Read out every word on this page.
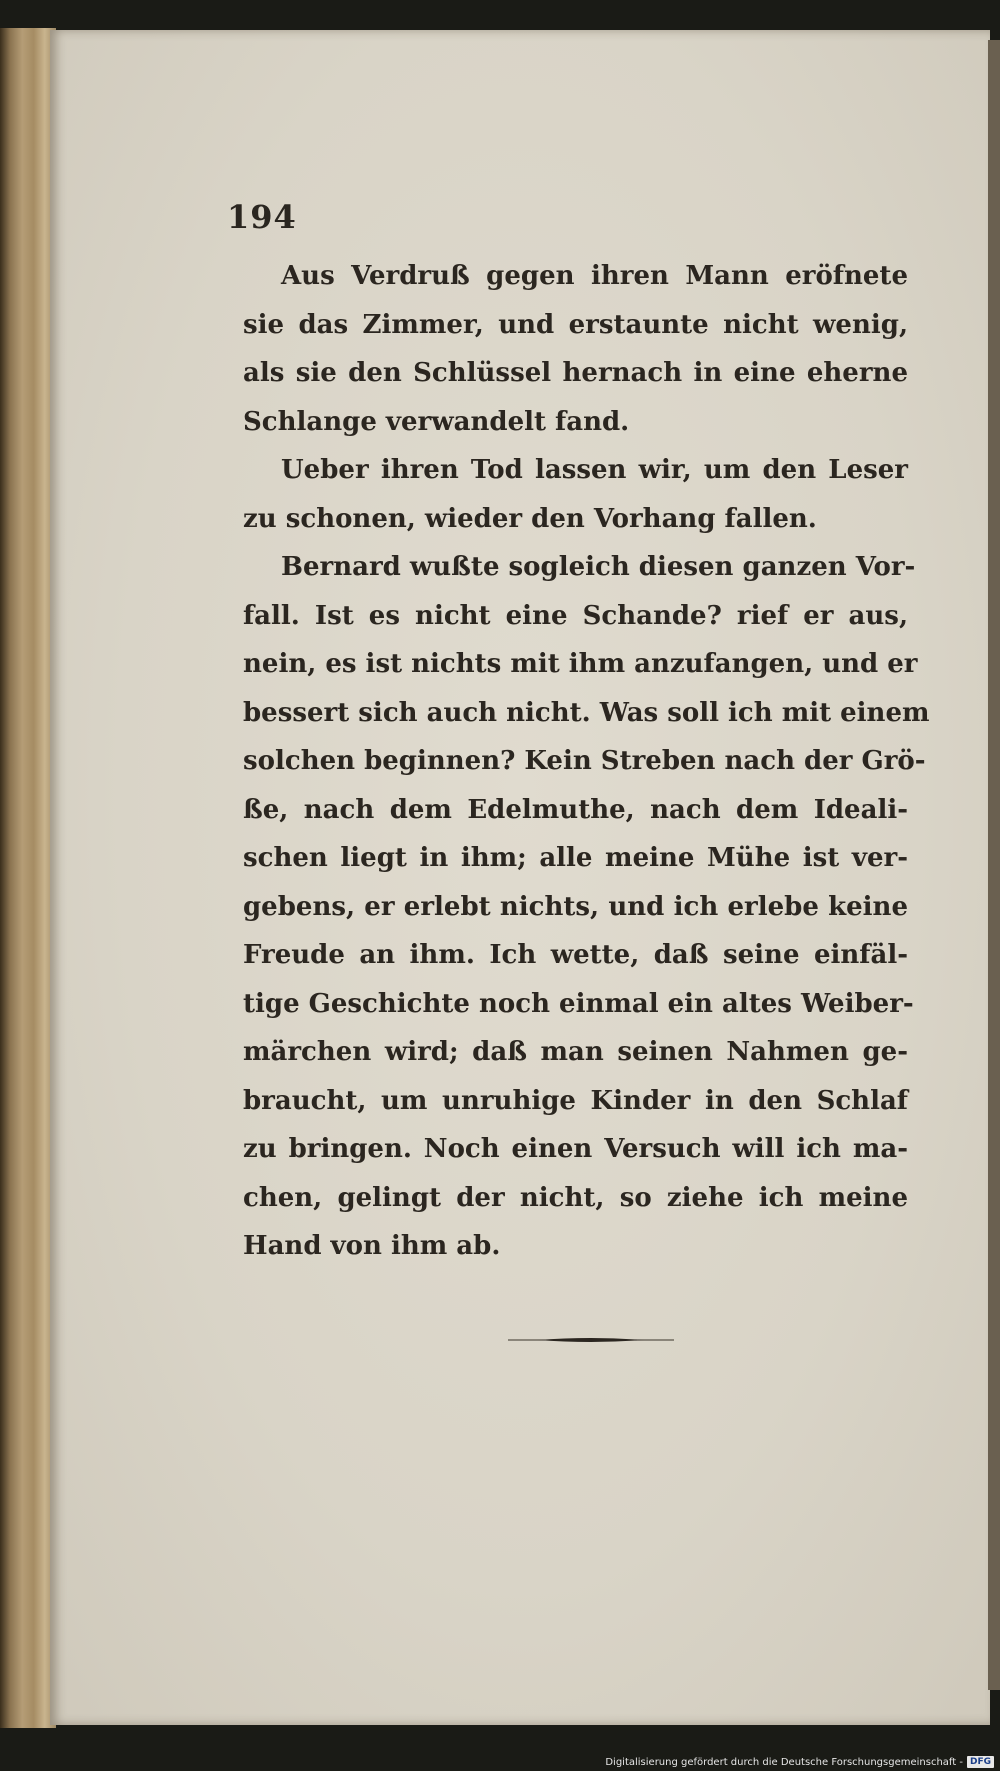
194

Aus Verdruß gegen ihren Mann eröfnete
sie das Zimmer, und erstaunte nicht wenig,
als sie den Schlüssel hernach in eine eherne
Schlange verwandelt fand.

Ueber ihren Tod lassen wir, um den Leser
zu schonen, wieder den Vorhang fallen.

Bernard wußte sogleich diesen ganzen Vor-
fall. Ist es nicht eine Schande? rief er aus,
nein, es ist nichts mit ihm anzufangen, und er
bessert sich auch nicht. Was soll ich mit einem
solchen beginnen? Kein Streben nach der Grö-
ße, nach dem Edelmuthe, nach dem Ideali-
schen liegt in ihm; alle meine Mühe ist ver-
gebens, er erlebt nichts, und ich erlebe keine
Freude an ihm. Ich wette, daß seine einfäl-
tige Geschichte noch einmal ein altes Weiber-
märchen wird; daß man seinen Nahmen ge-
braucht, um unruhige Kinder in den Schlaf
zu bringen. Noch einen Versuch will ich ma-
chen, gelingt der nicht, so ziehe ich meine
Hand von ihm ab.

Digitalisierung gefördert durch die Deutsche Forschungsgemeinschaft - DFG
